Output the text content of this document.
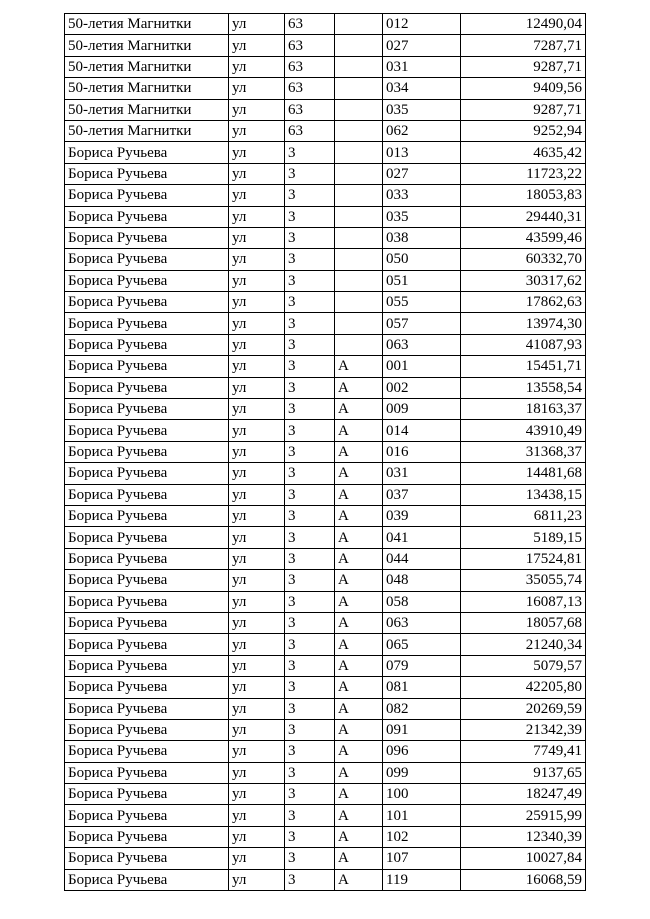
50-летия Магнитки	ул	63		012	12490,04
50-летия Магнитки	ул	63		027	7287,71
50-летия Магнитки	ул	63		031	9287,71
50-летия Магнитки	ул	63		034	9409,56
50-летия Магнитки	ул	63		035	9287,71
50-летия Магнитки	ул	63		062	9252,94
Бориса Ручьева	ул	3		013	4635,42
Бориса Ручьева	ул	3		027	11723,22
Бориса Ручьева	ул	3		033	18053,83
Бориса Ручьева	ул	3		035	29440,31
Бориса Ручьева	ул	3		038	43599,46
Бориса Ручьева	ул	3		050	60332,70
Бориса Ручьева	ул	3		051	30317,62
Бориса Ручьева	ул	3		055	17862,63
Бориса Ручьева	ул	3		057	13974,30
Бориса Ручьева	ул	3		063	41087,93
Бориса Ручьева	ул	3	А	001	15451,71
Бориса Ручьева	ул	3	А	002	13558,54
Бориса Ручьева	ул	3	А	009	18163,37
Бориса Ручьева	ул	3	А	014	43910,49
Бориса Ручьева	ул	3	А	016	31368,37
Бориса Ручьева	ул	3	А	031	14481,68
Бориса Ручьева	ул	3	А	037	13438,15
Бориса Ручьева	ул	3	А	039	6811,23
Бориса Ручьева	ул	3	А	041	5189,15
Бориса Ручьева	ул	3	А	044	17524,81
Бориса Ручьева	ул	3	А	048	35055,74
Бориса Ручьева	ул	3	А	058	16087,13
Бориса Ручьева	ул	3	А	063	18057,68
Бориса Ручьева	ул	3	А	065	21240,34
Бориса Ручьева	ул	3	А	079	5079,57
Бориса Ручьева	ул	3	А	081	42205,80
Бориса Ручьева	ул	3	А	082	20269,59
Бориса Ручьева	ул	3	А	091	21342,39
Бориса Ручьева	ул	3	А	096	7749,41
Бориса Ручьева	ул	3	А	099	9137,65
Бориса Ручьева	ул	3	А	100	18247,49
Бориса Ручьева	ул	3	А	101	25915,99
Бориса Ручьева	ул	3	А	102	12340,39
Бориса Ручьева	ул	3	А	107	10027,84
Бориса Ручьева	ул	3	А	119	16068,59
